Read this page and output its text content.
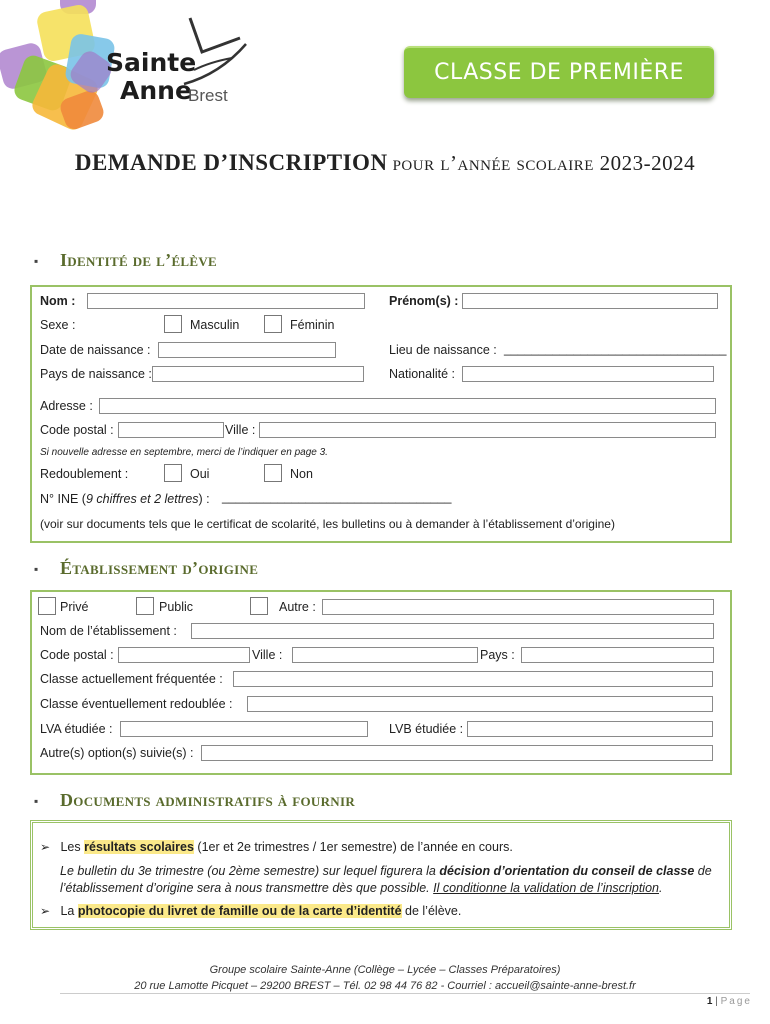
Sainte
Anne
Brest
CLASSE DE PREMIÈRE
DEMANDE D’INSCRIPTION pour l’année scolaire 2023-2024
▪ Identité de l’élève
Nom :	Prénom(s) :
Sexe :	Masculin	Féminin
Date de naissance :	Lieu de naissance : ________________________________
Pays de naissance :	Nationalité :
Adresse :
Code postal :	Ville :
Si nouvelle adresse en septembre, merci de l’indiquer en page 3.
Redoublement :	Oui	Non
N° INE (9 chiffres et 2 lettres) : _________________________________
(voir sur documents tels que le certificat de scolarité, les bulletins ou à demander à l’établissement d’origine)
▪ Établissement d’origine
Privé	Public	Autre :
Nom de l’établissement :
Code postal :	Ville :	Pays :
Classe actuellement fréquentée :
Classe éventuellement redoublée :
LVA étudiée :	LVB étudiée :
Autre(s) option(s) suivie(s) :
▪ Documents administratifs à fournir
➢ Les résultats scolaires (1er et 2e trimestres / 1er semestre) de l’année en cours.
Le bulletin du 3e trimestre (ou 2ème semestre) sur lequel figurera la décision d’orientation du conseil de classe de
l’établissement d’origine sera à nous transmettre dès que possible. Il conditionne la validation de l’inscription.
➢ La photocopie du livret de famille ou de la carte d’identité de l’élève.
Groupe scolaire Sainte-Anne (Collège – Lycée – Classes Préparatoires)
20 rue Lamotte Picquet – 29200 BREST – Tél. 02 98 44 76 82 - Courriel : accueil@sainte-anne-brest.fr
1 | Page
